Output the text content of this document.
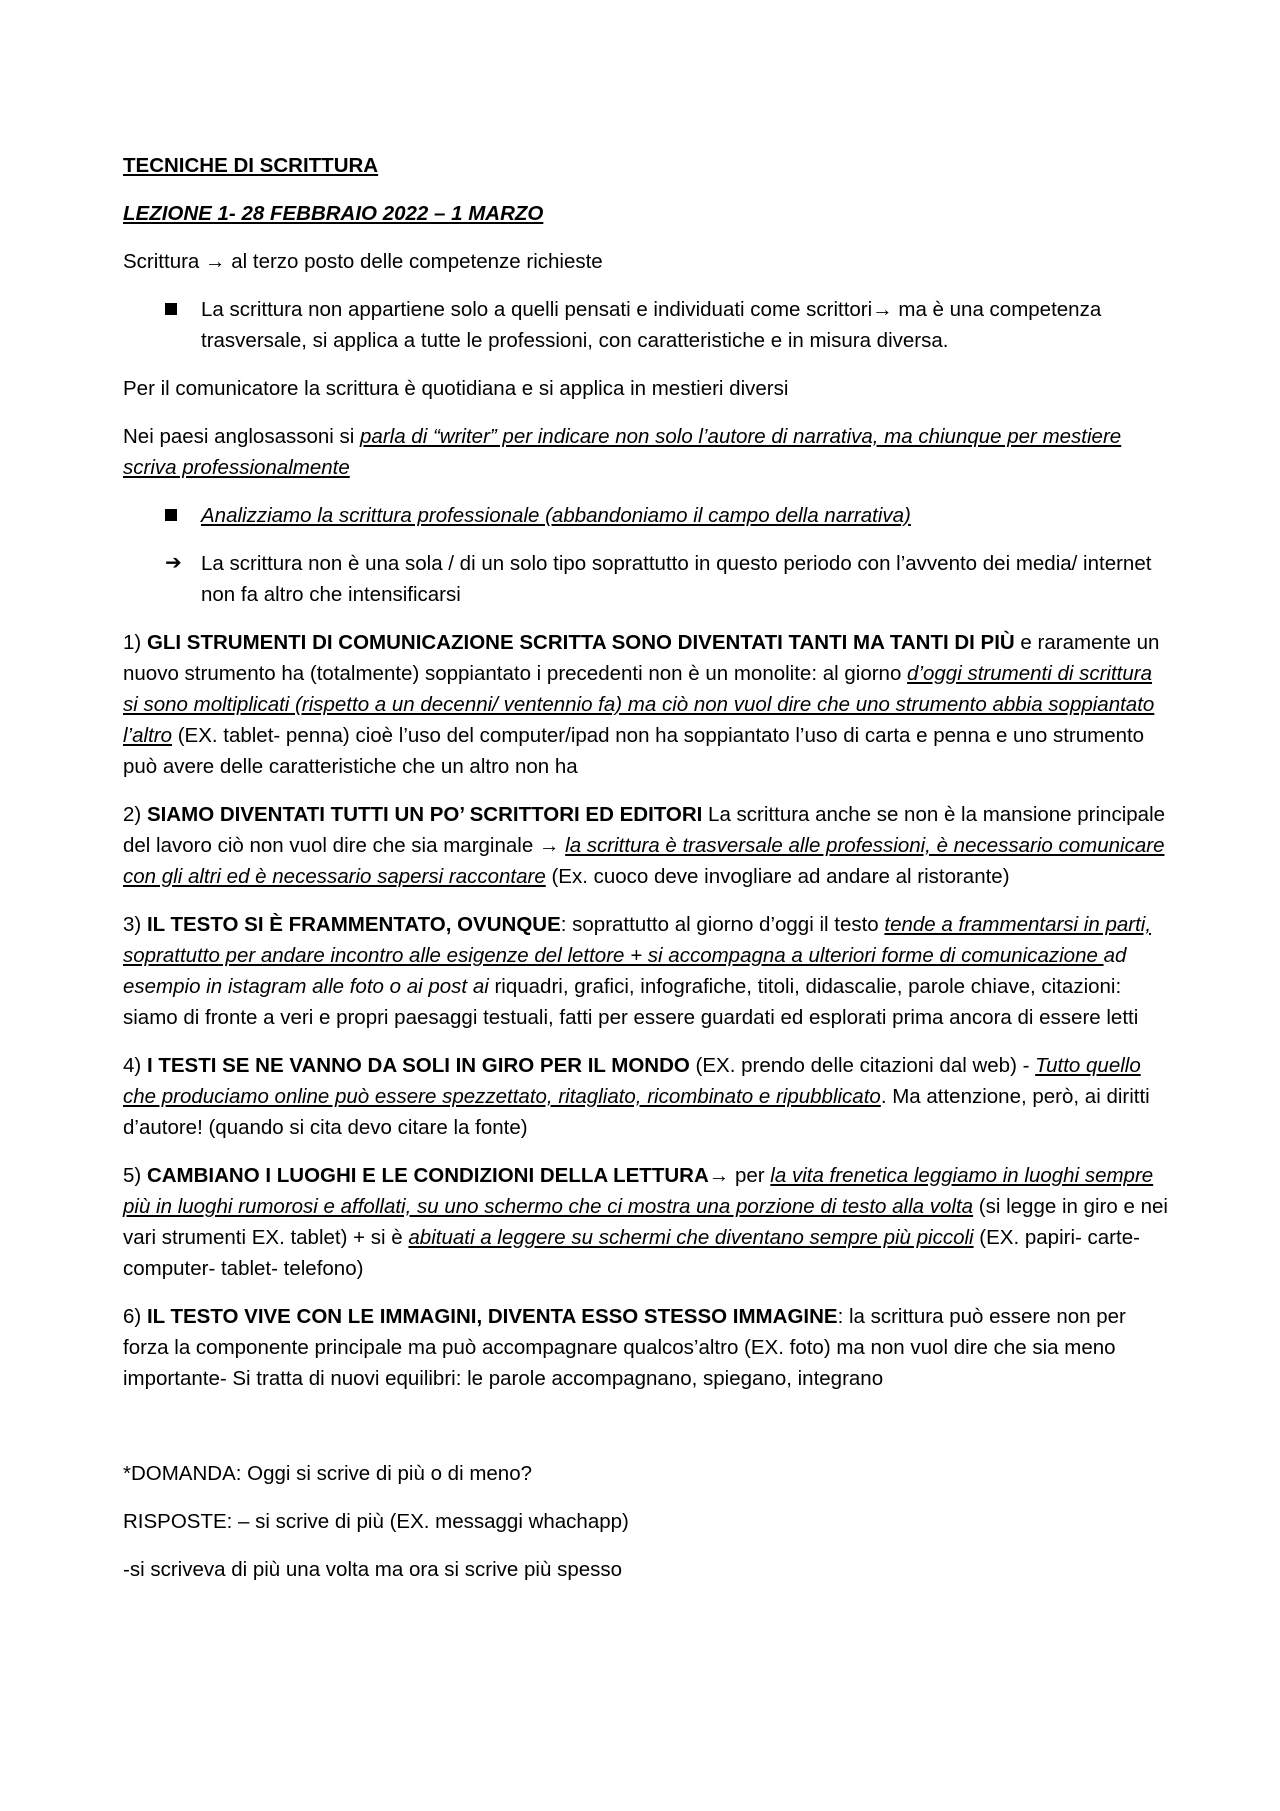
TECNICHE DI SCRITTURA

LEZIONE 1- 28 FEBBRAIO 2022 – 1 MARZO

Scrittura → al terzo posto delle competenze richieste

La scrittura non appartiene solo a quelli pensati e individuati come scrittori→ ma è una competenza trasversale, si applica a tutte le professioni, con caratteristiche e in misura diversa.

Per il comunicatore la scrittura è quotidiana e si applica in mestieri diversi

Nei paesi anglosassoni si parla di “writer” per indicare non solo l’autore di narrativa, ma chiunque per mestiere scriva professionalmente

Analizziamo la scrittura professionale (abbandoniamo il campo della narrativa)
➔ La scrittura non è una sola / di un solo tipo soprattutto in questo periodo con l’avvento dei media/ internet non fa altro che intensificarsi

1) GLI STRUMENTI DI COMUNICAZIONE SCRITTA SONO DIVENTATI TANTI MA TANTI DI PIÙ e raramente un nuovo strumento ha (totalmente) soppiantato i precedenti non è un monolite: al giorno d’oggi strumenti di scrittura si sono moltiplicati (rispetto a un decenni/ ventennio fa) ma ciò non vuol dire che uno strumento abbia soppiantato l’altro (EX. tablet- penna) cioè l’uso del computer/ipad non ha soppiantato l’uso di carta e penna e uno strumento può avere delle caratteristiche che un altro non ha

2) SIAMO DIVENTATI TUTTI UN PO’ SCRITTORI ED EDITORI La scrittura anche se non è la mansione principale del lavoro ciò non vuol dire che sia marginale → la scrittura è trasversale alle professioni, è necessario comunicare con gli altri ed è necessario sapersi raccontare (Ex. cuoco deve invogliare ad andare al ristorante)

3) IL TESTO SI È FRAMMENTATO, OVUNQUE: soprattutto al giorno d’oggi il testo tende a frammentarsi in parti, soprattutto per andare incontro alle esigenze del lettore + si accompagna a ulteriori forme di comunicazione ad esempio in istagram alle foto o ai post ai riquadri, grafici, infografiche, titoli, didascalie, parole chiave, citazioni: siamo di fronte a veri e propri paesaggi testuali, fatti per essere guardati ed esplorati prima ancora di essere letti

4) I TESTI SE NE VANNO DA SOLI IN GIRO PER IL MONDO (EX. prendo delle citazioni dal web) - Tutto quello che produciamo online può essere spezzettato, ritagliato, ricombinato e ripubblicato. Ma attenzione, però, ai diritti d’autore! (quando si cita devo citare la fonte)

5) CAMBIANO I LUOGHI E LE CONDIZIONI DELLA LETTURA→ per la vita frenetica leggiamo in luoghi sempre più in luoghi rumorosi e affollati, su uno schermo che ci mostra una porzione di testo alla volta (si legge in giro e nei vari strumenti EX. tablet) + si è abituati a leggere su schermi che diventano sempre più piccoli (EX. papiri- carte- computer- tablet- telefono)

6) IL TESTO VIVE CON LE IMMAGINI, DIVENTA ESSO STESSO IMMAGINE: la scrittura può essere non per forza la componente principale ma può accompagnare qualcos’altro (EX. foto) ma non vuol dire che sia meno importante- Si tratta di nuovi equilibri: le parole accompagnano, spiegano, integrano

*DOMANDA: Oggi si scrive di più o di meno?

RISPOSTE: – si scrive di più (EX. messaggi whachapp)

-si scriveva di più una volta ma ora si scrive più spesso
